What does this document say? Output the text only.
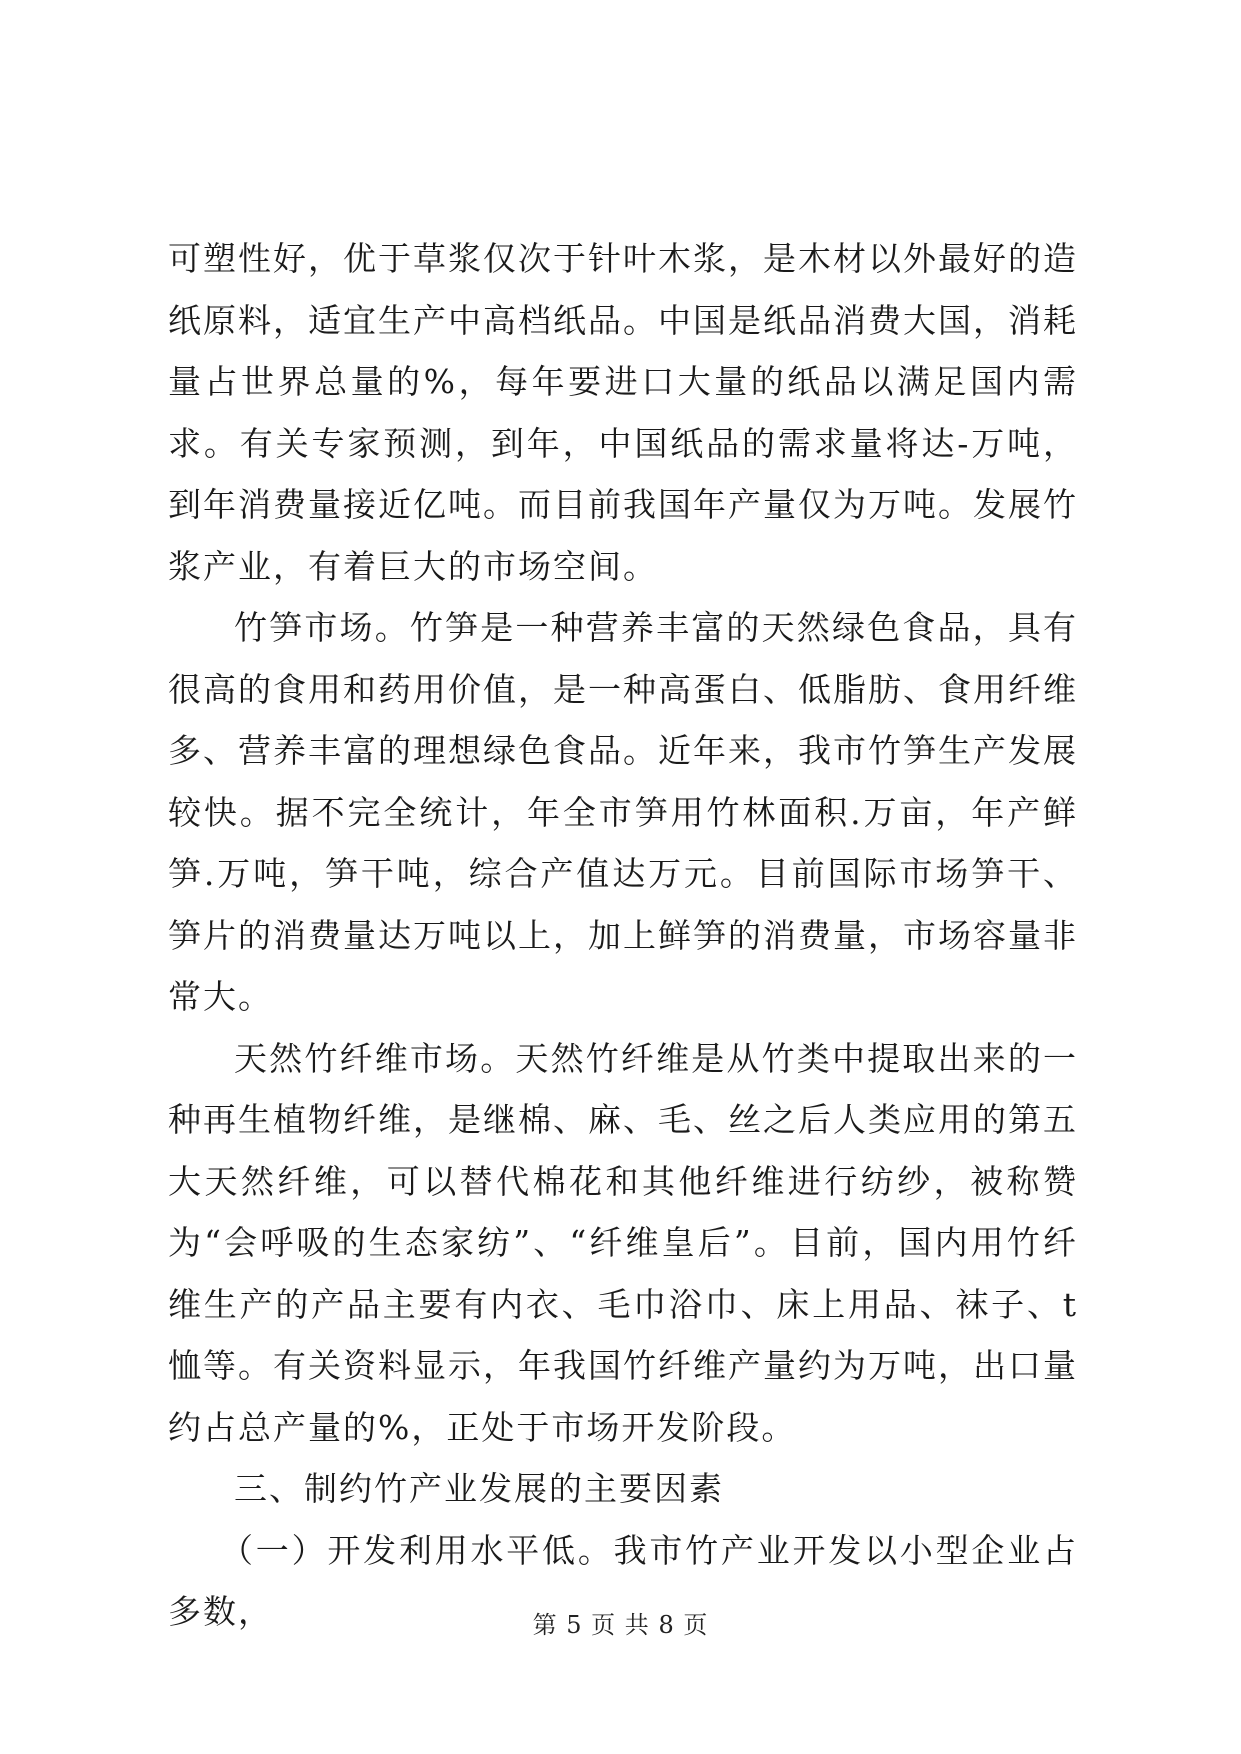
可塑性好，优于草浆仅次于针叶木浆，是木材以外最好的造纸原料，适宜生产中高档纸品。中国是纸品消费大国，消耗量占世界总量的%，每年要进口大量的纸品以满足国内需求。有关专家预测，到年，中国纸品的需求量将达-万吨，到年消费量接近亿吨。而目前我国年产量仅为万吨。发展竹浆产业，有着巨大的市场空间。

竹笋市场。竹笋是一种营养丰富的天然绿色食品，具有很高的食用和药用价值，是一种高蛋白、低脂肪、食用纤维多、营养丰富的理想绿色食品。近年来，我市竹笋生产发展较快。据不完全统计，年全市笋用竹林面积.万亩，年产鲜笋.万吨，笋干吨，综合产值达万元。目前国际市场笋干、笋片的消费量达万吨以上，加上鲜笋的消费量，市场容量非常大。

天然竹纤维市场。天然竹纤维是从竹类中提取出来的一种再生植物纤维，是继棉、麻、毛、丝之后人类应用的第五大天然纤维，可以替代棉花和其他纤维进行纺纱，被称赞为“会呼吸的生态家纺”、“纤维皇后”。目前，国内用竹纤维生产的产品主要有内衣、毛巾浴巾、床上用品、袜子、t恤等。有关资料显示，年我国竹纤维产量约为万吨，出口量约占总产量的%，正处于市场开发阶段。

三、制约竹产业发展的主要因素

（一）开发利用水平低。我市竹产业开发以小型企业占多数，	第 5 页 共 8 页
